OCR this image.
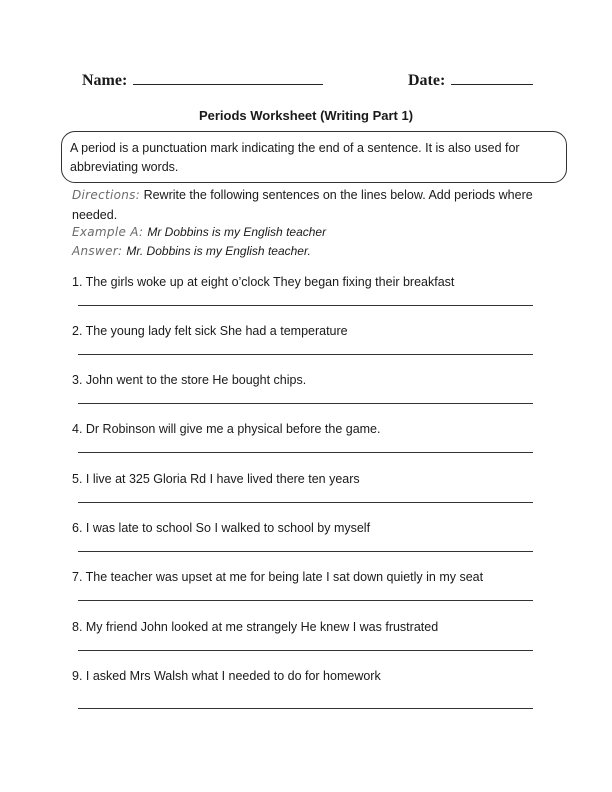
Name:	Date:
Periods Worksheet (Writing Part 1)
A period is a punctuation mark indicating the end of a sentence. It is also used for abbreviating words.
Directions: Rewrite the following sentences on the lines below. Add periods where needed.
Example A: Mr Dobbins is my English teacher
Answer: Mr. Dobbins is my English teacher.
1. The girls woke up at eight o’clock They began fixing their breakfast
2. The young lady felt sick She had a temperature
3. John went to the store He bought chips.
4. Dr Robinson will give me a physical before the game.
5. I live at 325 Gloria Rd I have lived there ten years
6. I was late to school So I walked to school by myself
7. The teacher was upset at me for being late I sat down quietly in my seat
8. My friend John looked at me strangely He knew I was frustrated
9. I asked Mrs Walsh what I needed to do for homework
